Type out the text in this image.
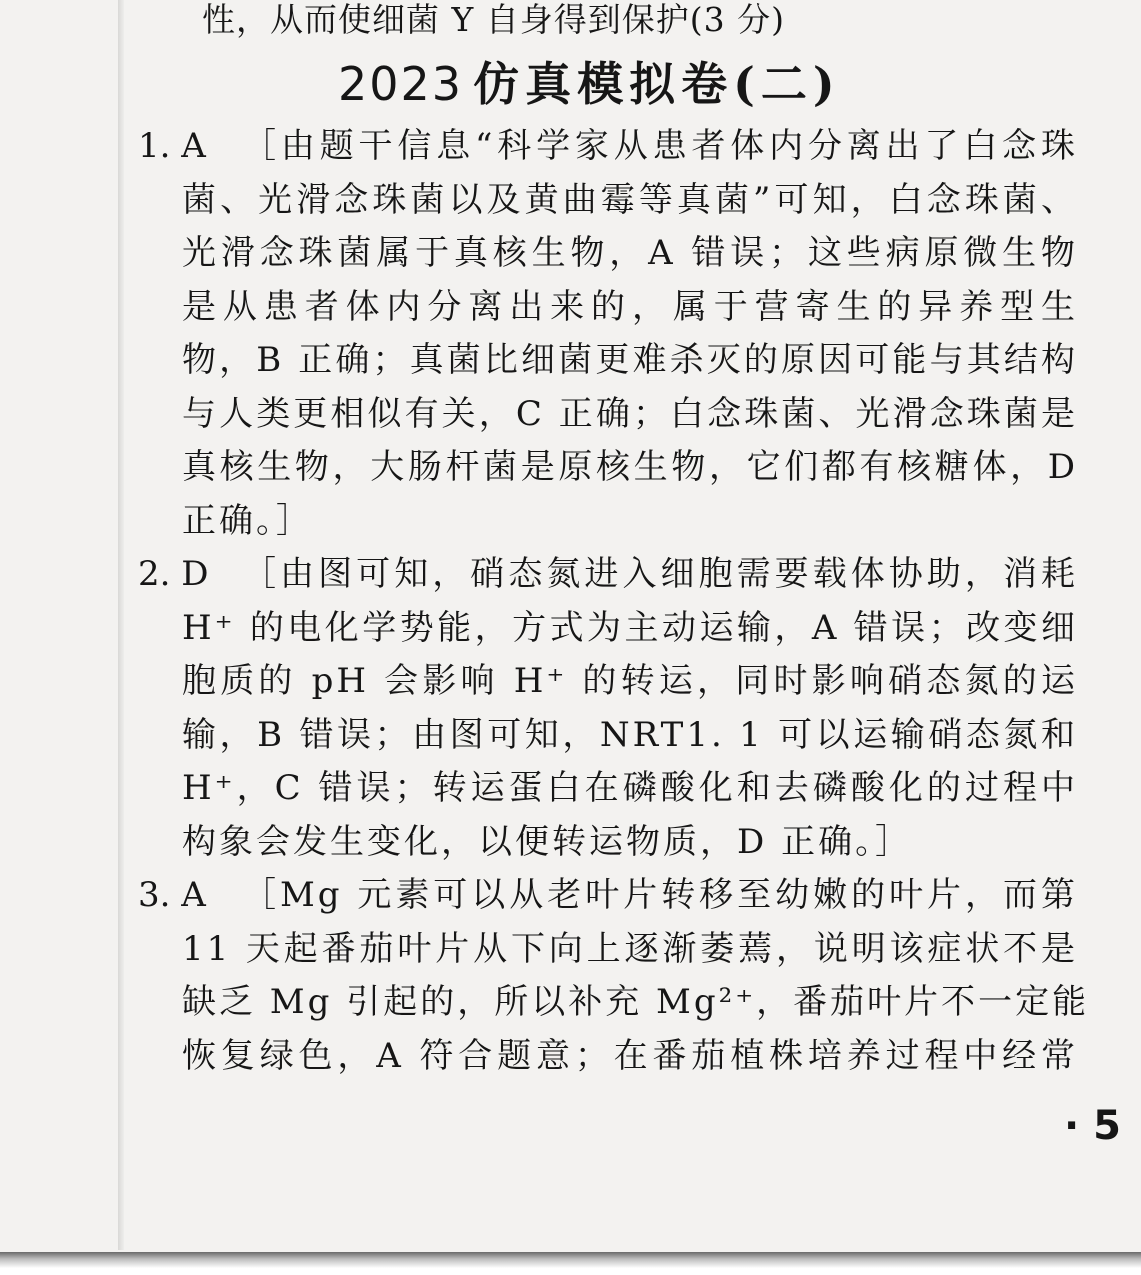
性，从而使细菌 Y 自身得到保护(3 分)
2023 仿真模拟卷(二)
1. A ［由题干信息“科学家从患者体内分离出了白念珠
菌、光滑念珠菌以及黄曲霉等真菌”可知，白念珠菌、
光滑念珠菌属于真核生物，A 错误；这些病原微生物
是从患者体内分离出来的，属于营寄生的异养型生
物，B 正确；真菌比细菌更难杀灭的原因可能与其结构
与人类更相似有关，C 正确；白念珠菌、光滑念珠菌是
真核生物，大肠杆菌是原核生物，它们都有核糖体，D
正确。］
2. D ［由图可知，硝态氮进入细胞需要载体协助，消耗
H⁺ 的电化学势能，方式为主动运输，A 错误；改变细
胞质的 pH 会影响 H⁺ 的转运，同时影响硝态氮的运
输，B 错误；由图可知，NRT1. 1 可以运输硝态氮和
H⁺，C 错误；转运蛋白在磷酸化和去磷酸化的过程中
构象会发生变化，以便转运物质，D 正确。］
3. A ［Mg 元素可以从老叶片转移至幼嫩的叶片，而第
11 天起番茄叶片从下向上逐渐萎蔫，说明该症状不是
缺乏 Mg 引起的，所以补充 Mg²⁺，番茄叶片不一定能
恢复绿色，A 符合题意；在番茄植株培养过程中经常
· 5
